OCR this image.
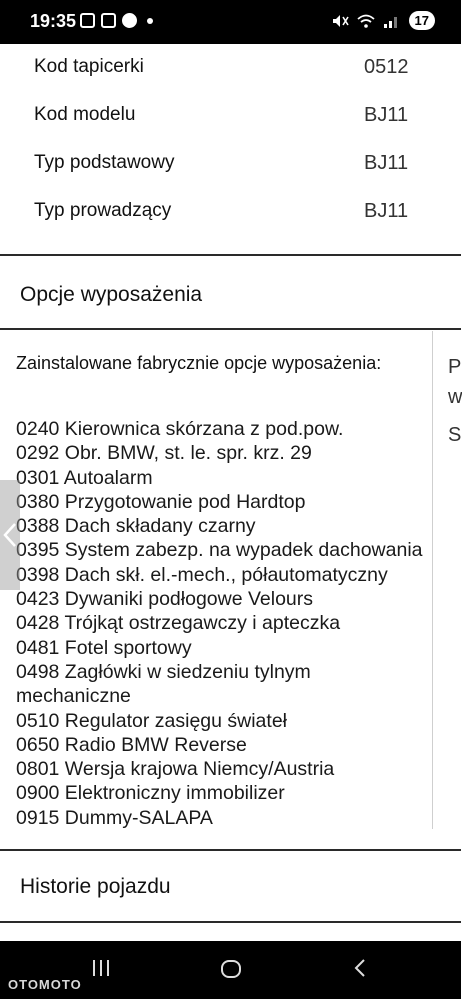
19:35	17
Kod tapicerki	0512
Kod modelu	BJ11
Typ podstawowy	BJ11
Typ prowadzący	BJ11
Opcje wyposażenia
Zainstalowane fabrycznie opcje wyposażenia:
0240 Kierownica skórzana z pod.pow.
0292 Obr. BMW, st. le. spr. krz. 29
0301 Autoalarm
0380 Przygotowanie pod Hardtop
0388 Dach składany czarny
0395 System zabezp. na wypadek dachowania
0398 Dach skł. el.-mech., półautomatyczny
0423 Dywaniki podłogowe Velours
0428 Trójkąt ostrzegawczy i apteczka
0481 Fotel sportowy
0498 Zagłówki w siedzeniu tylnym mechaniczne
0510 Regulator zasięgu świateł
0650 Radio BMW Reverse
0801 Wersja krajowa Niemcy/Austria
0900 Elektroniczny immobilizer
0915 Dummy-SALAPA
P
w
S
Historie pojazdu
OTOMOTO
